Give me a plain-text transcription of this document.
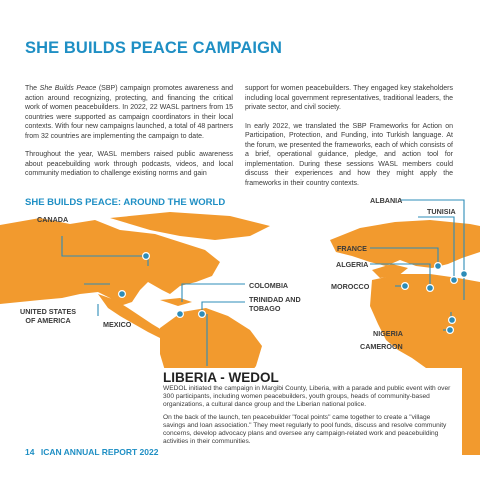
SHE BUILDS PEACE CAMPAIGN

The She Builds Peace (SBP) campaign promotes awareness and action around recognizing, protecting, and financing the critical work of women peacebuilders. In 2022, 22 WASL partners from 15 countries were supported as campaign coordinators in their local contexts. With four new campaigns launched, a total of 48 partners from 32 countries are implementing the campaign to date.

Throughout the year, WASL members raised public awareness about peacebuilding work through podcasts, videos, and local community mediation to challenge existing norms and gain

support for women peacebuilders. They engaged key stakeholders including local government representatives, traditional leaders, the private sector, and civil society.

In early 2022, we translated the SBP Frameworks for Action on Participation, Protection, and Funding, into Turkish language. At the forum, we presented the frameworks, each of which consists of a brief, operational guidance, pledge, and action tool for implementation. During these sessions WASL members could discuss their experiences and how they might apply the frameworks in their country contexts.

SHE BUILDS PEACE: AROUND THE WORLD	ALBANIA
TUNISIA
CANADA
FRANCE
ALGERIA
COLOMBIA	MOROCCO
TRINIDAD AND
TOBAGO
UNITED STATES
OF AMERICA	MEXICO
NIGERIA
CAMEROON
LIBERIA - WEDOL

WEDOL initiated the campaign in Margibi County, Liberia, with a parade and public event with over 300 participants, including women peacebuilders, youth groups, heads of community-based organizations, a cultural dance group and the Liberian national police.

On the back of the launch, ten peacebuilder "focal points" came together to create a "village savings and loan association." They meet regularly to pool funds, discuss and resolve community concerns, develop advocacy plans and oversee any campaign-related work and peacebuilding activities in their communities.

14 ICAN ANNUAL REPORT 2022
